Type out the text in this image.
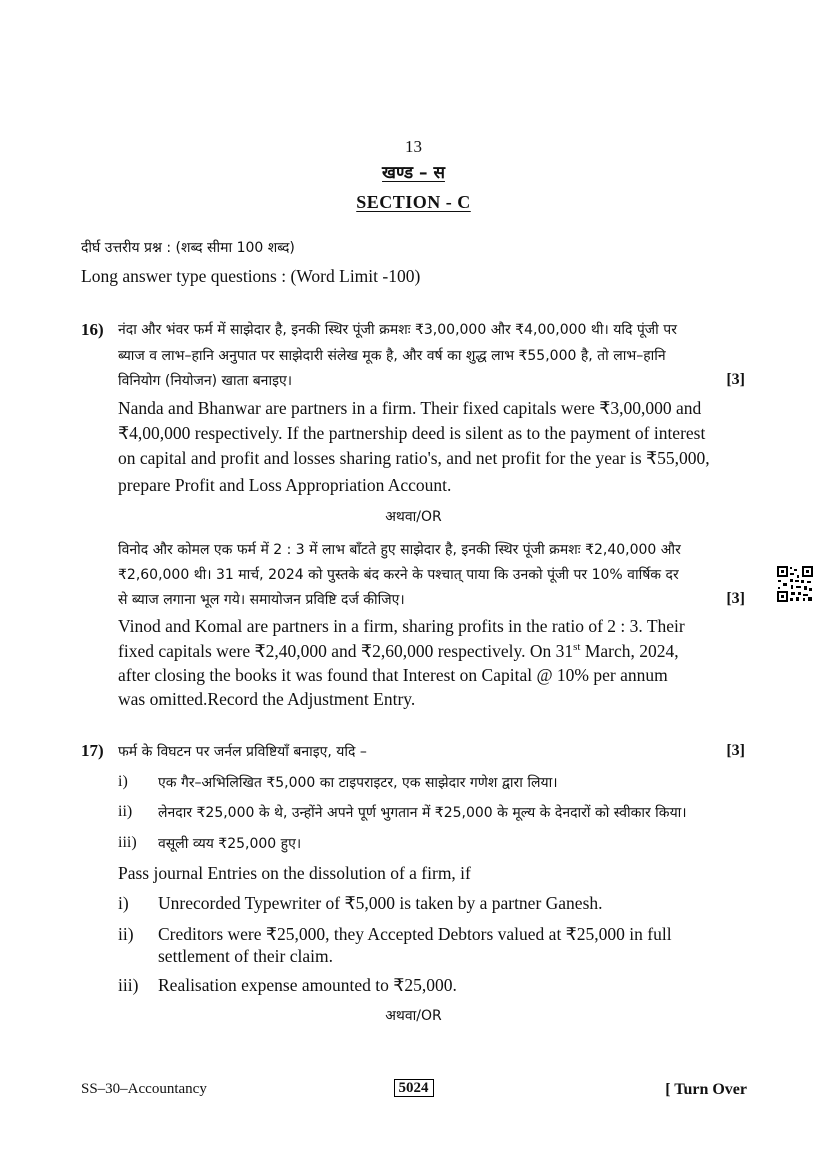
13
खण्ड – स
SECTION - C
दीर्घ उत्तरीय प्रश्न : (शब्द सीमा 100 शब्द)
Long answer type questions : (Word Limit -100)
16) नंदा और भंवर फर्म में साझेदार है, इनकी स्थिर पूंजी क्रमशः ₹3,00,000 और ₹4,00,000 थी। यदि पूंजी पर
ब्याज व लाभ–हानि अनुपात पर साझेदारी संलेख मूक है, और वर्ष का शुद्ध लाभ ₹55,000 है, तो लाभ–हानि
विनियोग (नियोजन) खाता बनाइए।	[3]
Nanda and Bhanwar are partners in a firm. Their fixed capitals were ₹3,00,000 and
₹4,00,000 respectively. If the partnership deed is silent as to the payment of interest
on capital and profit and losses sharing ratio's, and net profit for the year is ₹55,000,
prepare Profit and Loss Appropriation Account.
अथवा/OR
विनोद और कोमल एक फर्म में 2 : 3 में लाभ बाँटते हुए साझेदार है, इनकी स्थिर पूंजी क्रमशः ₹2,40,000 और
₹2,60,000 थी। 31 मार्च, 2024 को पुस्तके बंद करने के पश्चात् पाया कि उनको पूंजी पर 10% वार्षिक दर
से ब्याज लगाना भूल गये। समायोजन प्रविष्टि दर्ज कीजिए।	[3]
Vinod and Komal are partners in a firm, sharing profits in the ratio of 2 : 3. Their
fixed capitals were ₹2,40,000 and ₹2,60,000 respectively. On 31st March, 2024,
after closing the books it was found that Interest on Capital @ 10% per annum
was omitted.Record the Adjustment Entry.
17) फर्म के विघटन पर जर्नल प्रविष्टियाँ बनाइए, यदि –	[3]
i) एक गैर–अभिलिखित ₹5,000 का टाइपराइटर, एक साझेदार गणेश द्वारा लिया।
ii) लेनदार ₹25,000 के थे, उन्होंने अपने पूर्ण भुगतान में ₹25,000 के मूल्य के देनदारों को स्वीकार किया।
iii) वसूली व्यय ₹25,000 हुए।
Pass journal Entries on the dissolution of a firm, if
i) Unrecorded Typewriter of ₹5,000 is taken by a partner Ganesh.
ii) Creditors were ₹25,000, they Accepted Debtors valued at ₹25,000 in full
settlement of their claim.
iii) Realisation expense amounted to ₹25,000.
अथवा/OR
SS–30–Accountancy	5024	[ Turn Over
